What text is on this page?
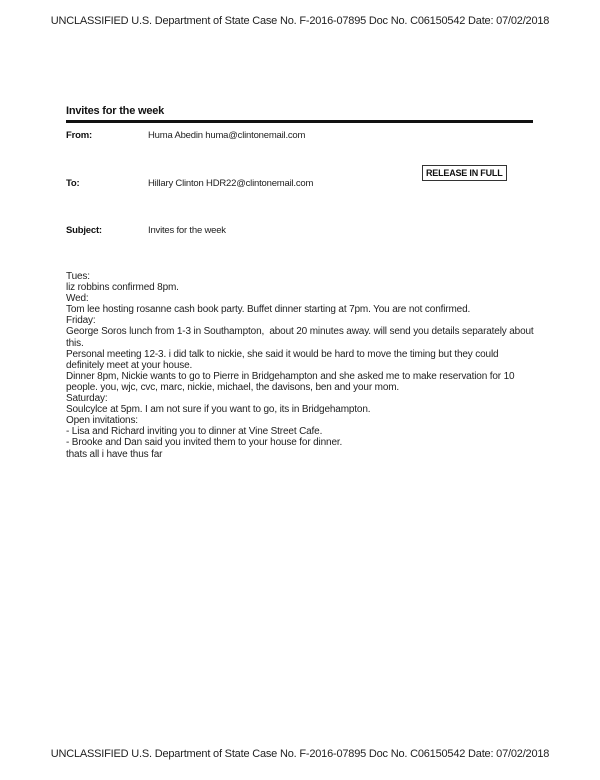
UNCLASSIFIED U.S. Department of State Case No. F-2016-07895 Doc No. C06150542 Date: 07/02/2018
Invites for the week
From:	Huma Abedin huma@clintonemail.com
RELEASE IN FULL
To:	Hillary Clinton HDR22@clintonemail.com
Subject:	Invites for the week
Tues:
liz robbins confirmed 8pm.
Wed:
Tom lee hosting rosanne cash book party. Buffet dinner starting at 7pm. You are not confirmed.
Friday:
George Soros lunch from 1-3 in Southampton,  about 20 minutes away. will send you details separately about this.
Personal meeting 12-3. i did talk to nickie, she said it would be hard to move the timing but they could definitely meet at your house.
Dinner 8pm, Nickie wants to go to Pierre in Bridgehampton and she asked me to make reservation for 10 people. you, wjc, cvc, marc, nickie, michael, the davisons, ben and your mom.
Saturday:
Soulcylce at 5pm. I am not sure if you want to go, its in Bridgehampton.
Open invitations:
- Lisa and Richard inviting you to dinner at Vine Street Cafe.
- Brooke and Dan said you invited them to your house for dinner.
thats all i have thus far
UNCLASSIFIED U.S. Department of State Case No. F-2016-07895 Doc No. C06150542 Date: 07/02/2018
